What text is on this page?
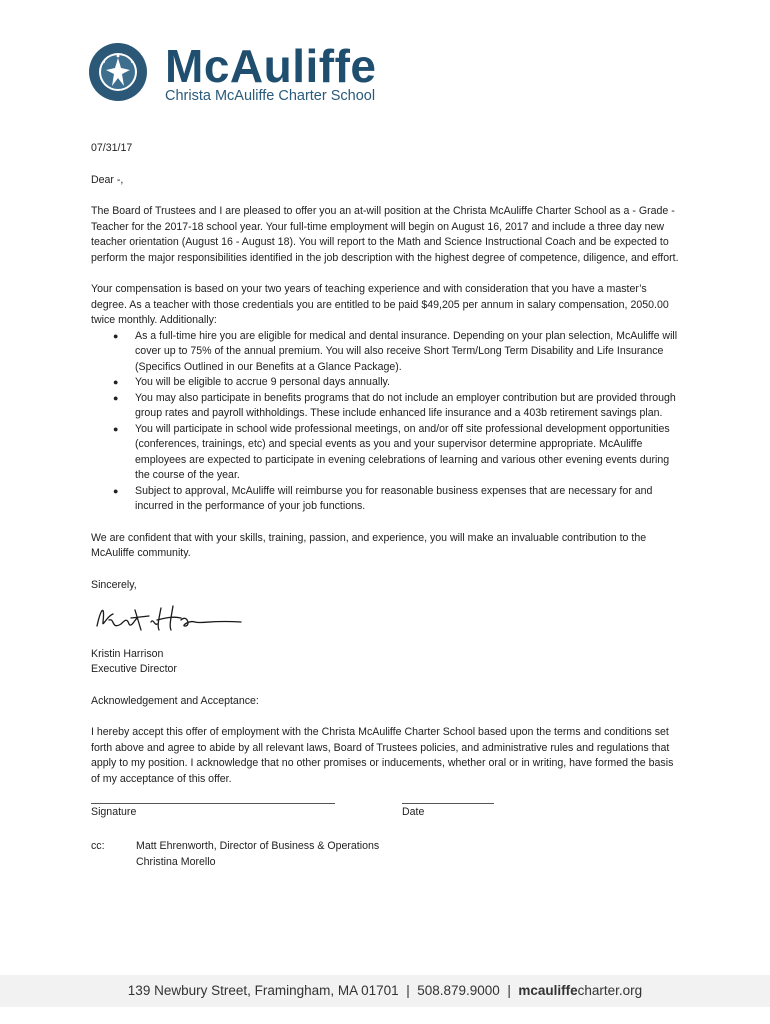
McAuliffe
Christa McAuliffe Charter School

07/31/17

Dear -,

The Board of Trustees and I are pleased to offer you an at-will position at the Christa McAuliffe Charter School as a - Grade - Teacher for the 2017-18 school year. Your full-time employment will begin on August 16, 2017 and include a three day new teacher orientation (August 16 - August 18). You will report to the Math and Science Instructional Coach and be expected to perform the major responsibilities identified in the job description with the highest degree of competence, diligence, and effort.

Your compensation is based on your two years of teaching experience and with consideration that you have a master’s degree. As a teacher with those credentials you are entitled to be paid $49,205 per annum in salary compensation, 2050.00 twice monthly. Additionally:

● As a full-time hire you are eligible for medical and dental insurance. Depending on your plan selection, McAuliffe will cover up to 75% of the annual premium. You will also receive Short Term/Long Term Disability and Life Insurance (Specifics Outlined in our Benefits at a Glance Package).
● You will be eligible to accrue 9 personal days annually.
● You may also participate in benefits programs that do not include an employer contribution but are provided through group rates and payroll withholdings. These include enhanced life insurance and a 403b retirement savings plan.
● You will participate in school wide professional meetings, on and/or off site professional development opportunities (conferences, trainings, etc) and special events as you and your supervisor determine appropriate. McAuliffe employees are expected to participate in evening celebrations of learning and various other evening events during the course of the year.
● Subject to approval, McAuliffe will reimburse you for reasonable business expenses that are necessary for and incurred in the performance of your job functions.

We are confident that with your skills, training, passion, and experience, you will make an invaluable contribution to the McAuliffe community.

Sincerely,

Kristin Harrison

Executive Director

Acknowledgement and Acceptance:

I hereby accept this offer of employment with the Christa McAuliffe Charter School based upon the terms and conditions set forth above and agree to abide by all relevant laws, Board of Trustees policies, and administrative rules and regulations that apply to my position. I acknowledge that no other promises or inducements, whether oral or in writing, have formed the basis of my acceptance of this offer.

Signature	Date
cc:	Matt Ehrenworth, Director of Business & Operations
Christina Morello
139 Newbury Street, Framingham, MA 01701 | 508.879.9000 | mcauliffecharter.org
